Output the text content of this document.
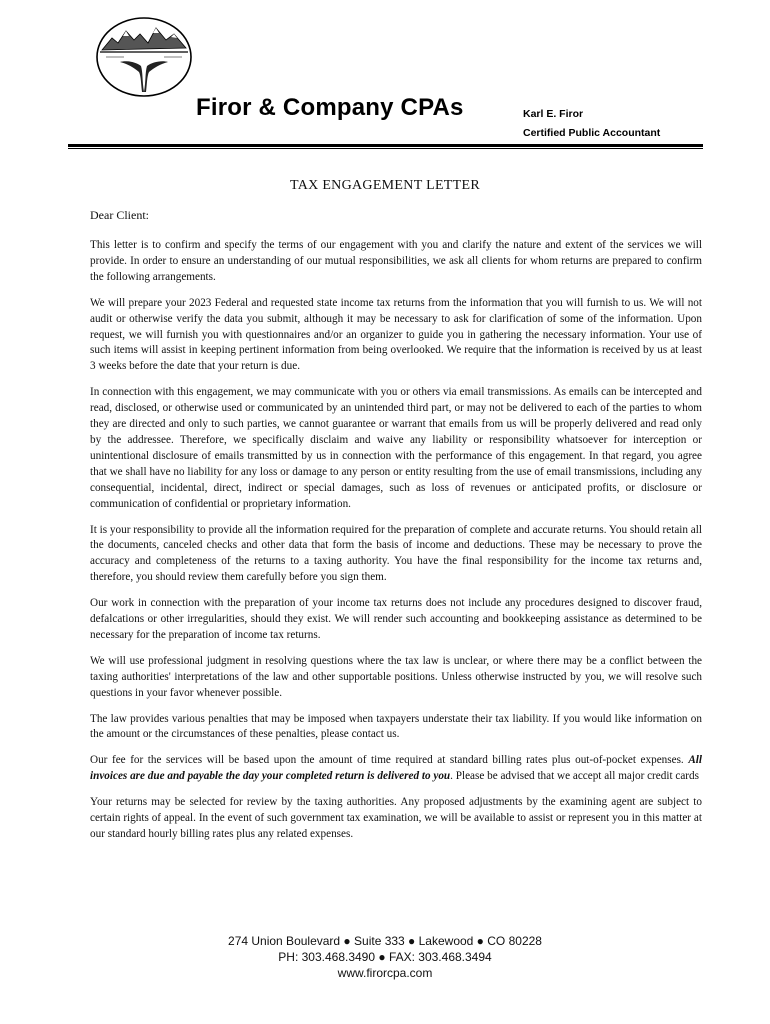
Firor & Company CPAs	Karl E. Firor
Certified Public Accountant
TAX ENGAGEMENT LETTER

Dear Client:

This letter is to confirm and specify the terms of our engagement with you and clarify the nature and extent of the services we will provide. In order to ensure an understanding of our mutual responsibilities, we ask all clients for whom returns are prepared to confirm the following arrangements.

We will prepare your 2023 Federal and requested state income tax returns from the information that you will furnish to us. We will not audit or otherwise verify the data you submit, although it may be necessary to ask for clarification of some of the information. Upon request, we will furnish you with questionnaires and/or an organizer to guide you in gathering the necessary information. Your use of such items will assist in keeping pertinent information from being overlooked. We require that the information is received by us at least 3 weeks before the date that your return is due.

In connection with this engagement, we may communicate with you or others via email transmissions. As emails can be intercepted and read, disclosed, or otherwise used or communicated by an unintended third part, or may not be delivered to each of the parties to whom they are directed and only to such parties, we cannot guarantee or warrant that emails from us will be properly delivered and read only by the addressee. Therefore, we specifically disclaim and waive any liability or responsibility whatsoever for interception or unintentional disclosure of emails transmitted by us in connection with the performance of this engagement. In that regard, you agree that we shall have no liability for any loss or damage to any person or entity resulting from the use of email transmissions, including any consequential, incidental, direct, indirect or special damages, such as loss of revenues or anticipated profits, or disclosure or communication of confidential or proprietary information.

It is your responsibility to provide all the information required for the preparation of complete and accurate returns. You should retain all the documents, canceled checks and other data that form the basis of income and deductions. These may be necessary to prove the accuracy and completeness of the returns to a taxing authority. You have the final responsibility for the income tax returns and, therefore, you should review them carefully before you sign them.

Our work in connection with the preparation of your income tax returns does not include any procedures designed to discover fraud, defalcations or other irregularities, should they exist. We will render such accounting and bookkeeping assistance as determined to be necessary for the preparation of income tax returns.

We will use professional judgment in resolving questions where the tax law is unclear, or where there may be a conflict between the taxing authorities' interpretations of the law and other supportable positions. Unless otherwise instructed by you, we will resolve such questions in your favor whenever possible.

The law provides various penalties that may be imposed when taxpayers understate their tax liability. If you would like information on the amount or the circumstances of these penalties, please contact us.

Our fee for the services will be based upon the amount of time required at standard billing rates plus out-of-pocket expenses. All invoices are due and payable the day your completed return is delivered to you. Please be advised that we accept all major credit cards

Your returns may be selected for review by the taxing authorities. Any proposed adjustments by the examining agent are subject to certain rights of appeal. In the event of such government tax examination, we will be available to assist or represent you in this matter at our standard hourly billing rates plus any related expenses.

274 Union Boulevard ● Suite 333 ● Lakewood ● CO 80228
PH: 303.468.3490 ● FAX: 303.468.3494
www.firorcpa.com
